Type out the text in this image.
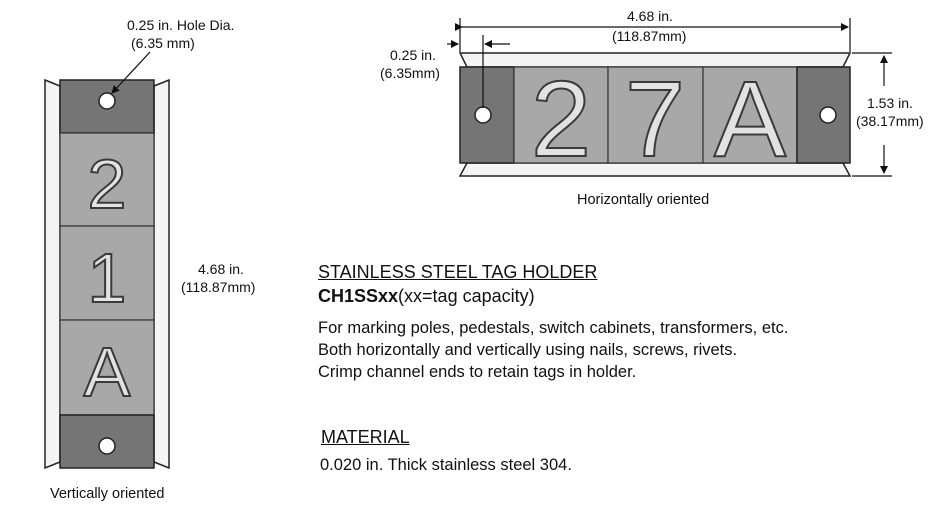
2
1
A
0.25 in. Hole Dia.
(6.35 mm)
4.68 in.
(118.87mm)
2 7 A
4.68 in.
(118.87mm)
0.25 in.
(6.35mm)
1.53 in.
(38.17mm)
Horizontally oriented
Vertically oriented
STAINLESS STEEL TAG HOLDER
CH1SSxx(xx=tag capacity)
For marking poles, pedestals, switch cabinets, transformers, etc.
Both horizontally and vertically using nails, screws, rivets.
Crimp channel ends to retain tags in holder.
MATERIAL
0.020 in. Thick stainless steel 304.
